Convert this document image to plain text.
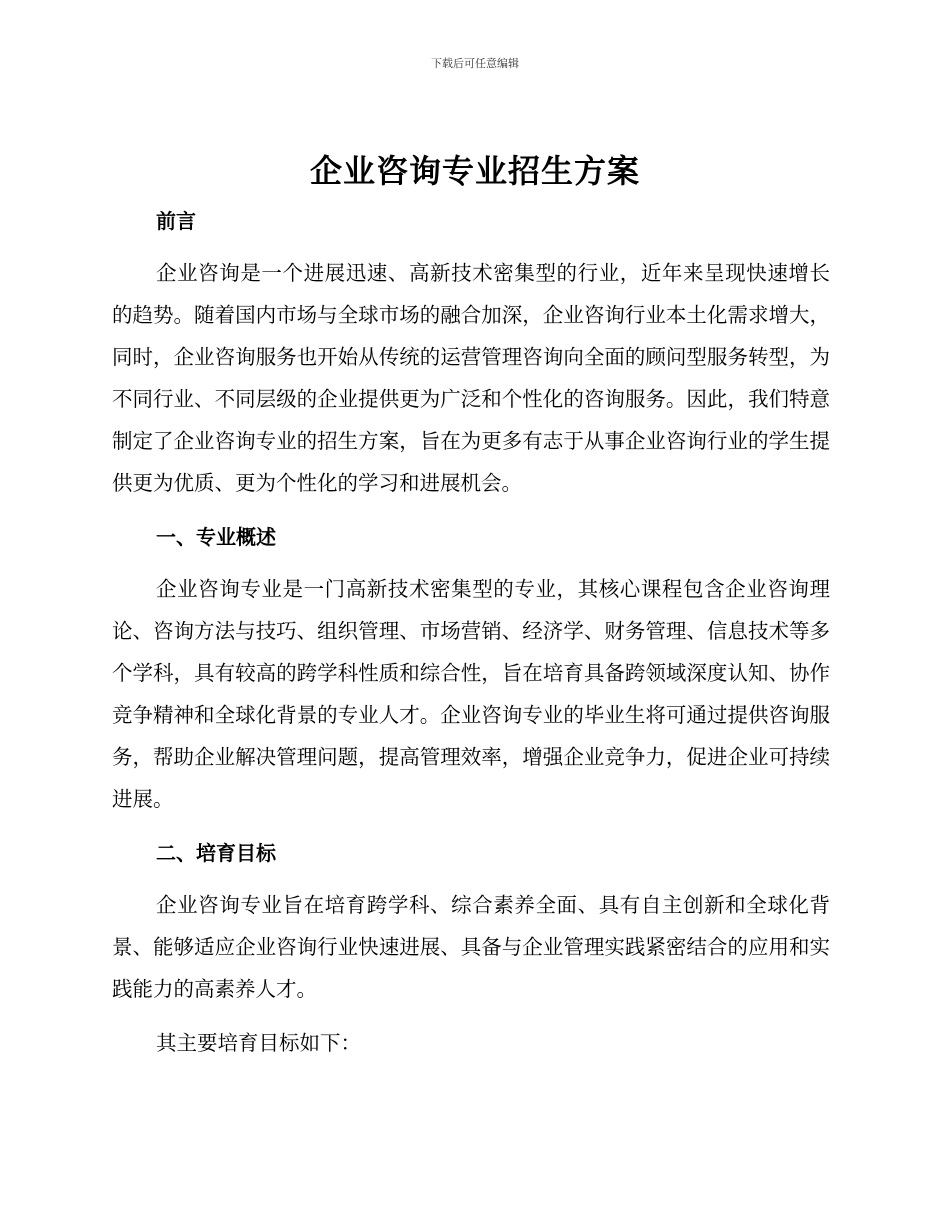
下载后可任意编辑
企业咨询专业招生方案
前言

企业咨询是一个进展迅速、高新技术密集型的行业，近年来呈现快速增长的趋势。随着国内市场与全球市场的融合加深，企业咨询行业本土化需求增大，同时，企业咨询服务也开始从传统的运营管理咨询向全面的顾问型服务转型，为不同行业、不同层级的企业提供更为广泛和个性化的咨询服务。因此，我们特意制定了企业咨询专业的招生方案，旨在为更多有志于从事企业咨询行业的学生提供更为优质、更为个性化的学习和进展机会。

一、专业概述

企业咨询专业是一门高新技术密集型的专业，其核心课程包含企业咨询理论、咨询方法与技巧、组织管理、市场营销、经济学、财务管理、信息技术等多个学科，具有较高的跨学科性质和综合性，旨在培育具备跨领域深度认知、协作竞争精神和全球化背景的专业人才。企业咨询专业的毕业生将可通过提供咨询服务，帮助企业解决管理问题，提高管理效率，增强企业竞争力，促进企业可持续进展。

二、培育目标

企业咨询专业旨在培育跨学科、综合素养全面、具有自主创新和全球化背景、能够适应企业咨询行业快速进展、具备与企业管理实践紧密结合的应用和实践能力的高素养人才。

其主要培育目标如下：
